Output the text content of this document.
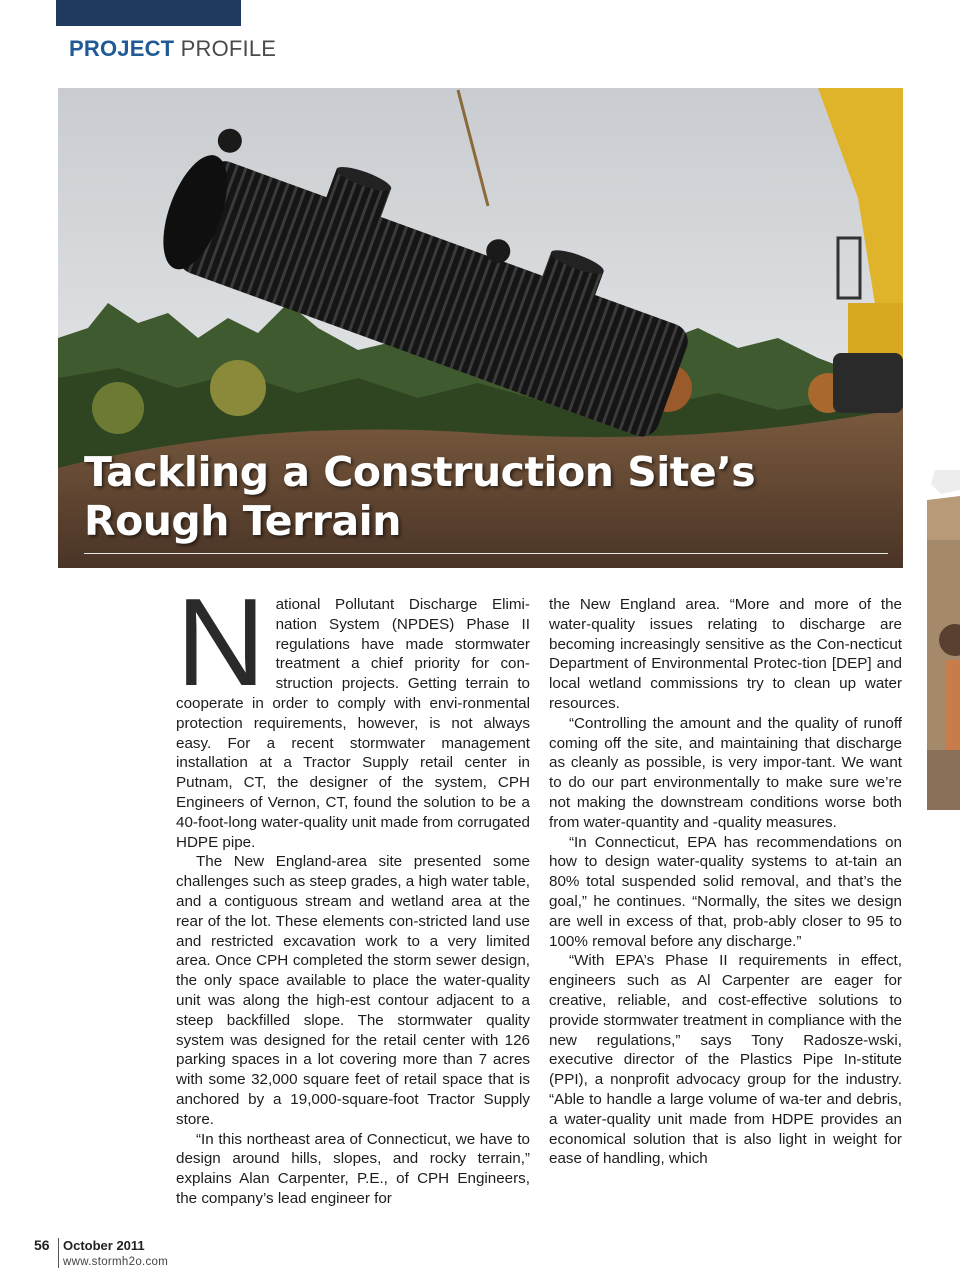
PROJECT PROFILE
Tackling a Construction Site’s
Rough Terrain

National Pollutant Discharge Elimi-nation System (NPDES) Phase II regulations have made stormwater treatment a chief priority for con-struction projects. Getting terrain to cooperate in order to comply with envi-ronmental protection requirements, however, is not always easy. For a recent stormwater management installation at a Tractor Supply retail center in Putnam, CT, the designer of the system, CPH Engineers of Vernon, CT, found the solution to be a 40-foot-long water-quality unit made from corrugated HDPE pipe.

The New England-area site presented some challenges such as steep grades, a high water table, and a contiguous stream and wetland area at the rear of the lot. These elements con-stricted land use and restricted excavation work to a very limited area. Once CPH completed the storm sewer design, the only space available to place the water-quality unit was along the high-est contour adjacent to a steep backfilled slope. The stormwater quality system was designed for the retail center with 126 parking spaces in a lot covering more than 7 acres with some 32,000 square feet of retail space that is anchored by a 19,000-square-foot Tractor Supply store.

“In this northeast area of Connecticut, we have to design around hills, slopes, and rocky terrain,” explains Alan Carpenter, P.E., of CPH Engineers, the company’s lead engineer for

the New England area. “More and more of the water-quality issues relating to discharge are becoming increasingly sensitive as the Con-necticut Department of Environmental Protec-tion [DEP] and local wetland commissions try to clean up water resources.

“Controlling the amount and the quality of runoff coming off the site, and maintaining that discharge as cleanly as possible, is very impor-tant. We want to do our part environmentally to make sure we’re not making the downstream conditions worse both from water-quantity and -quality measures.

“In Connecticut, EPA has recommendations on how to design water-quality systems to at-tain an 80% total suspended solid removal, and that’s the goal,” he continues. “Normally, the sites we design are well in excess of that, prob-ably closer to 95 to 100% removal before any discharge.”

“With EPA’s Phase II requirements in effect, engineers such as Al Carpenter are eager for creative, reliable, and cost-effective solutions to provide stormwater treatment in compliance with the new regulations,” says Tony Radosze-wski, executive director of the Plastics Pipe In-stitute (PPI), a nonprofit advocacy group for the industry. “Able to handle a large volume of wa-ter and debris, a water-quality unit made from HDPE provides an economical solution that is also light in weight for ease of handling, which

56 October 2011
www.stormh2o.com
